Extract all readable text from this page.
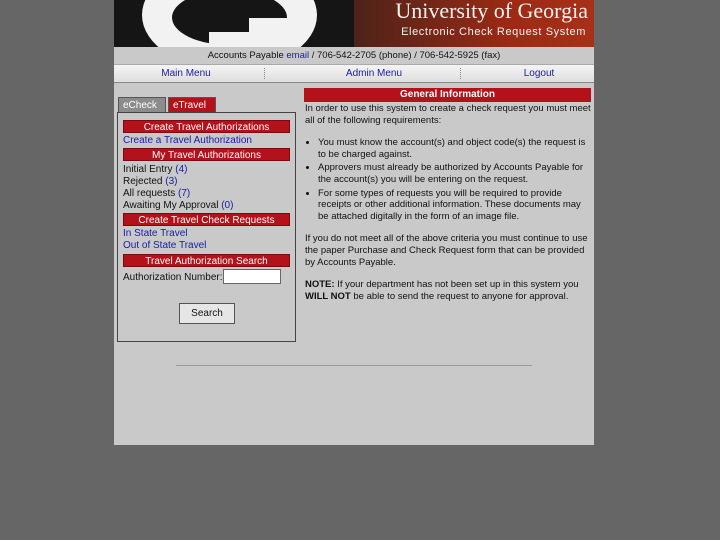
University of Georgia
Electronic Check Request System
Accounts Payable email / 706-542-2705 (phone) / 706-542-5925 (fax)
Main Menu	Admin Menu	Logout
eCheck	eTravel
Create Travel Authorizations
Create a Travel Authorization
My Travel Authorizations
Initial Entry (4)
Rejected (3)
All requests (7)
Awaiting My Approval (0)
Create Travel Check Requests
In State Travel
Out of State Travel
Travel Authorization Search
Authorization Number:
Search
General Information

In order to use this system to create a check request you must meet all of the following requirements:

• You must know the account(s) and object code(s) the request is to be charged against.
• Approvers must already be authorized by Accounts Payable for the account(s) you will be entering on the request.
• For some types of requests you will be required to provide receipts or other additional information. These documents may be attached digitally in the form of an image file.

If you do not meet all of the above criteria you must continue to use the paper Purchase and Check Request form that can be provided by Accounts Payable.

NOTE: If your department has not been set up in this system you
WILL NOT be able to send the request to anyone for approval.
